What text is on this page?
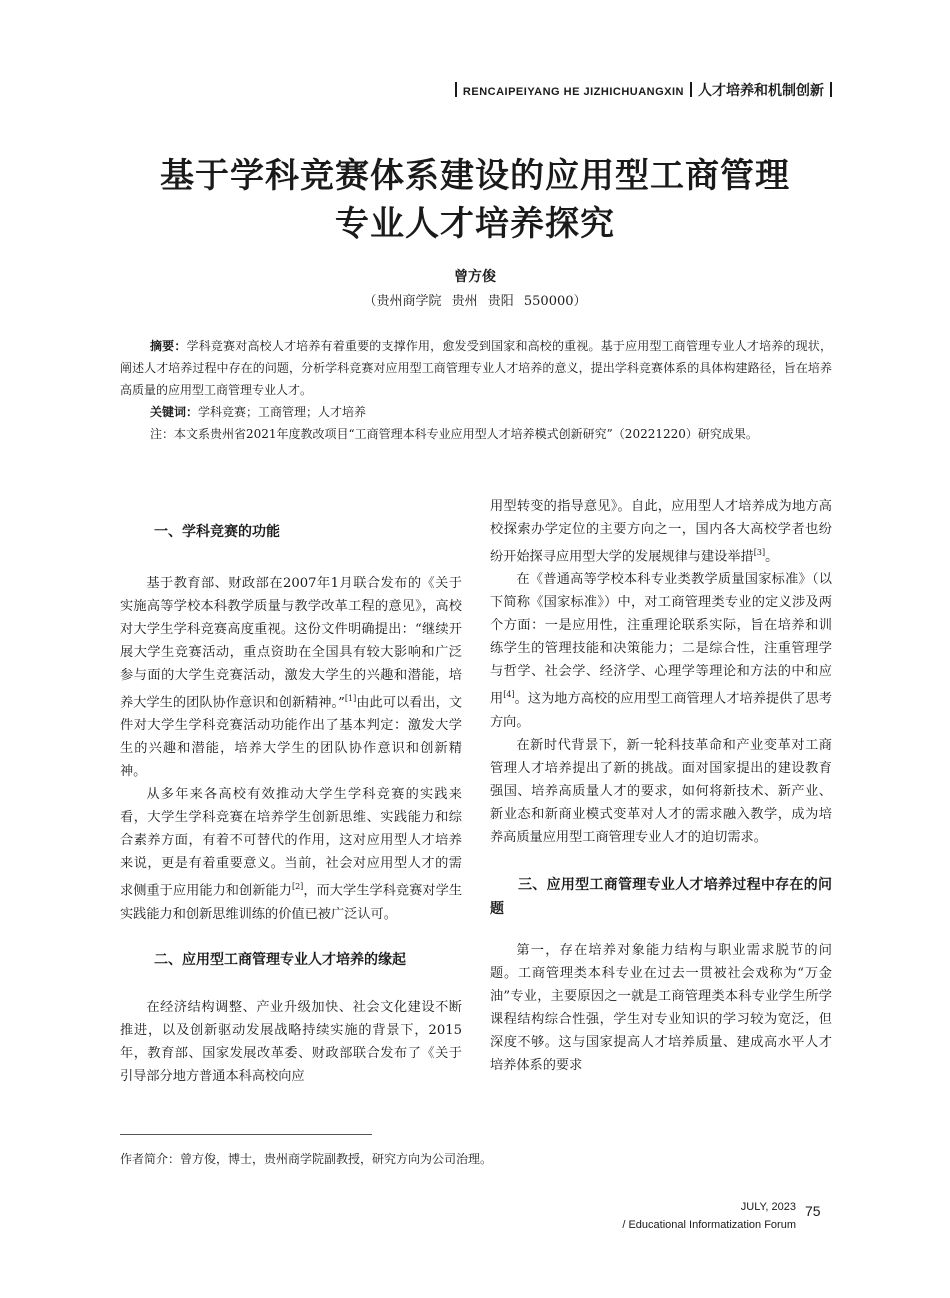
RENCAIPEIYANG HE JIZHICHUANGXIN 人才培养和机制创新
基于学科竞赛体系建设的应用型工商管理
专业人才培养探究
曾方俊
（贵州商学院 贵州 贵阳 550000）

摘要：学科竞赛对高校人才培养有着重要的支撑作用，愈发受到国家和高校的重视。基于应用型工商管理专业人才培养的现状，阐述人才培养过程中存在的问题，分析学科竞赛对应用型工商管理专业人才培养的意义，提出学科竞赛体系的具体构建路径，旨在培养高质量的应用型工商管理专业人才。

关键词：学科竞赛；工商管理；人才培养

注：本文系贵州省2021年度教改项目“工商管理本科专业应用型人才培养模式创新研究”（20221220）研究成果。

一、学科竞赛的功能

基于教育部、财政部在2007年1月联合发布的《关于实施高等学校本科教学质量与教学改革工程的意见》，高校对大学生学科竞赛高度重视。这份文件明确提出：“继续开展大学生竞赛活动，重点资助在全国具有较大影响和广泛参与面的大学生竞赛活动，激发大学生的兴趣和潜能，培养大学生的团队协作意识和创新精神。”[1]由此可以看出，文件对大学生学科竞赛活动功能作出了基本判定：激发大学生的兴趣和潜能，培养大学生的团队协作意识和创新精神。

从多年来各高校有效推动大学生学科竞赛的实践来看，大学生学科竞赛在培养学生创新思维、实践能力和综合素养方面，有着不可替代的作用，这对应用型人才培养来说，更是有着重要意义。当前，社会对应用型人才的需求侧重于应用能力和创新能力[2]，而大学生学科竞赛对学生实践能力和创新思维训练的价值已被广泛认可。

二、应用型工商管理专业人才培养的缘起

在经济结构调整、产业升级加快、社会文化建设不断推进，以及创新驱动发展战略持续实施的背景下，2015年，教育部、国家发展改革委、财政部联合发布了《关于引导部分地方普通本科高校向应

用型转变的指导意见》。自此，应用型人才培养成为地方高校探索办学定位的主要方向之一，国内各大高校学者也纷纷开始探寻应用型大学的发展规律与建设举措[3]。

在《普通高等学校本科专业类教学质量国家标准》（以下简称《国家标准》）中，对工商管理类专业的定义涉及两个方面：一是应用性，注重理论联系实际，旨在培养和训练学生的管理技能和决策能力；二是综合性，注重管理学与哲学、社会学、经济学、心理学等理论和方法的中和应用[4]。这为地方高校的应用型工商管理人才培养提供了思考方向。

在新时代背景下，新一轮科技革命和产业变革对工商管理人才培养提出了新的挑战。面对国家提出的建设教育强国、培养高质量人才的要求，如何将新技术、新产业、新业态和新商业模式变革对人才的需求融入教学，成为培养高质量应用型工商管理专业人才的迫切需求。

三、应用型工商管理专业人才培养过程中存在的问题

第一，存在培养对象能力结构与职业需求脱节的问题。工商管理类本科专业在过去一贯被社会戏称为“万金油”专业，主要原因之一就是工商管理类本科专业学生所学课程结构综合性强，学生对专业知识的学习较为宽泛，但深度不够。这与国家提高人才培养质量、建成高水平人才培养体系的要求

作者简介：曾方俊，博士，贵州商学院副教授，研究方向为公司治理。
JULY, 2023
/ Educational Informatization Forum
75
